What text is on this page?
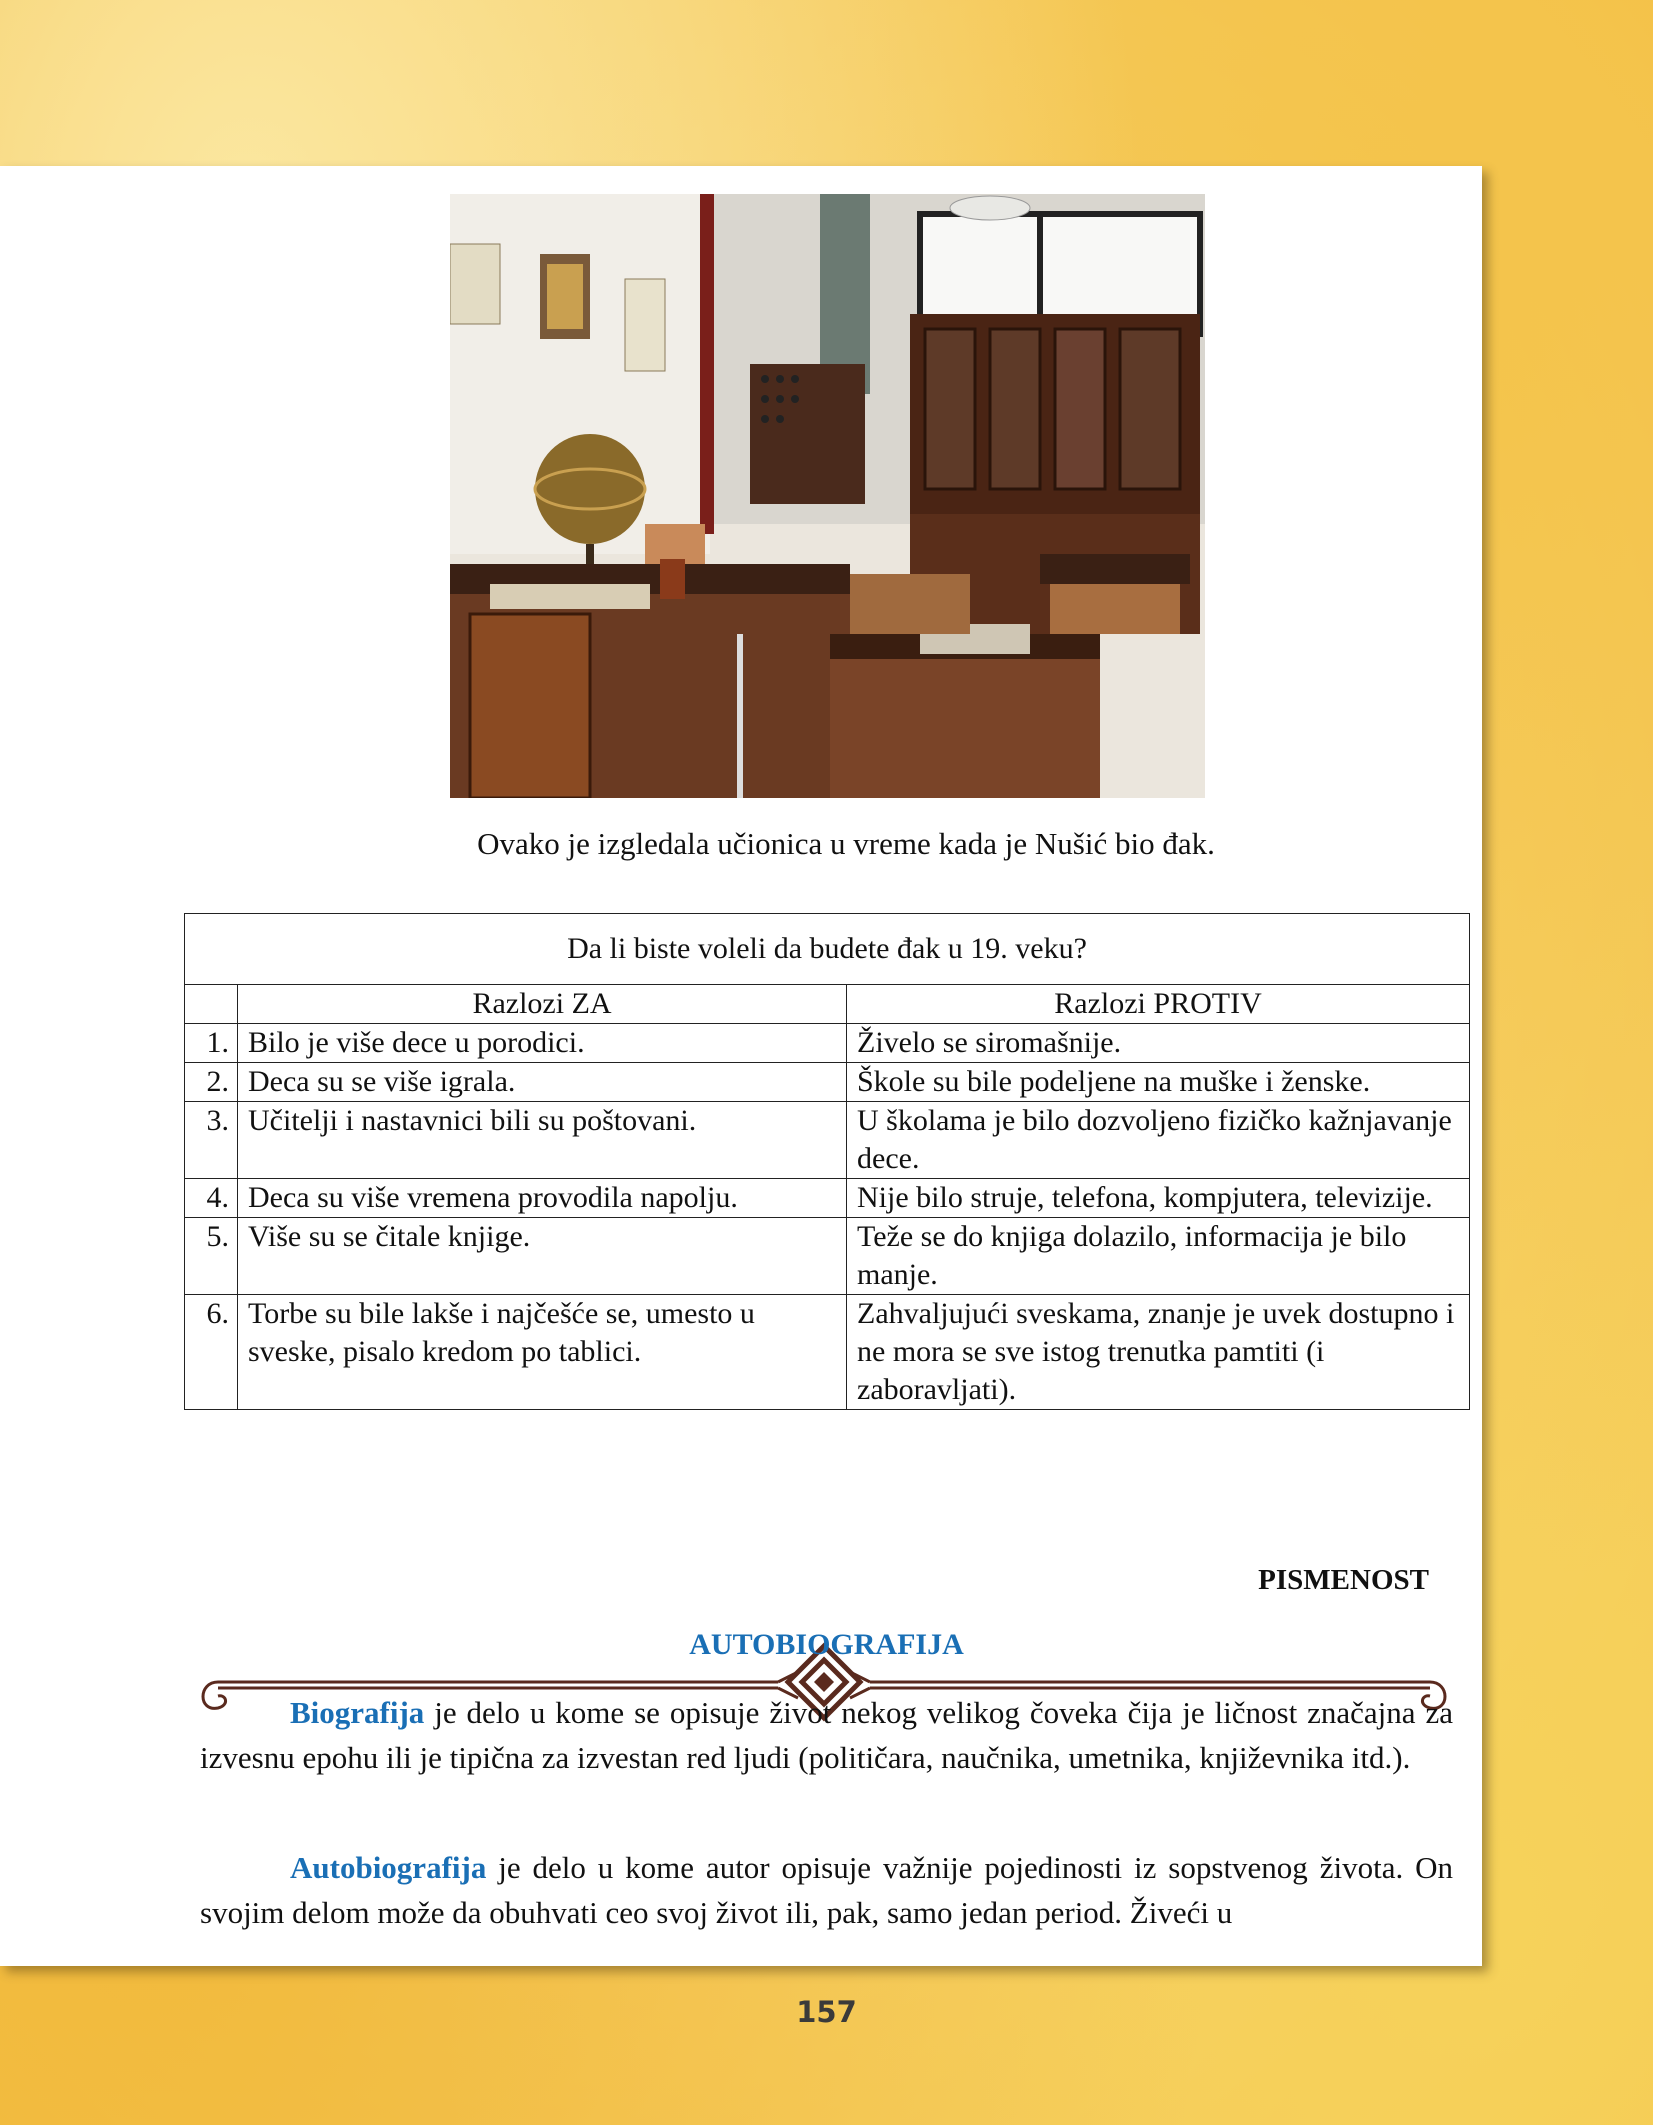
Ovako je izgledala učionica u vreme kada je Nušić bio đak.
Da li biste voleli da budete đak u 19. veku?		
	Razlozi ZA	Razlozi PROTIV
1.	Bilo je više dece u porodici.	Živelo se siromašnije.
2.	Deca su se više igrala.	Škole su bile podeljene na muške i ženske.
3.	Učitelji i nastavnici bili su poštovani.	U školama je bilo dozvoljeno fizičko kažnjavanje dece.
4.	Deca su više vremena provodila napolju.	Nije bilo struje, telefona, kompjutera, televizije.
5.	Više su se čitale knjige.	Teže se do knjiga dolazilo, informacija je bilo manje.
6.	Torbe su bile lakše i najčešće se, umesto u sveske, pisalo kredom po tablici.	Zahvaljujući sveskama, znanje je uvek dostupno i ne mora se sve istog trenutka pamtiti (i zaboravljati).
PISMENOST
AUTOBIOGRAFIJA

Biografija je delo u kome se opisuje život nekog velikog čoveka čija je ličnost značajna za izvesnu epohu ili je tipična za izvestan red ljudi (političara, naučnika, umetnika, književnika itd.).

Autobiografija je delo u kome autor opisuje važnije pojedinosti iz sopstvenog života. On svojim delom može da obuhvati ceo svoj život ili, pak, samo jedan period. Živeći u

157
